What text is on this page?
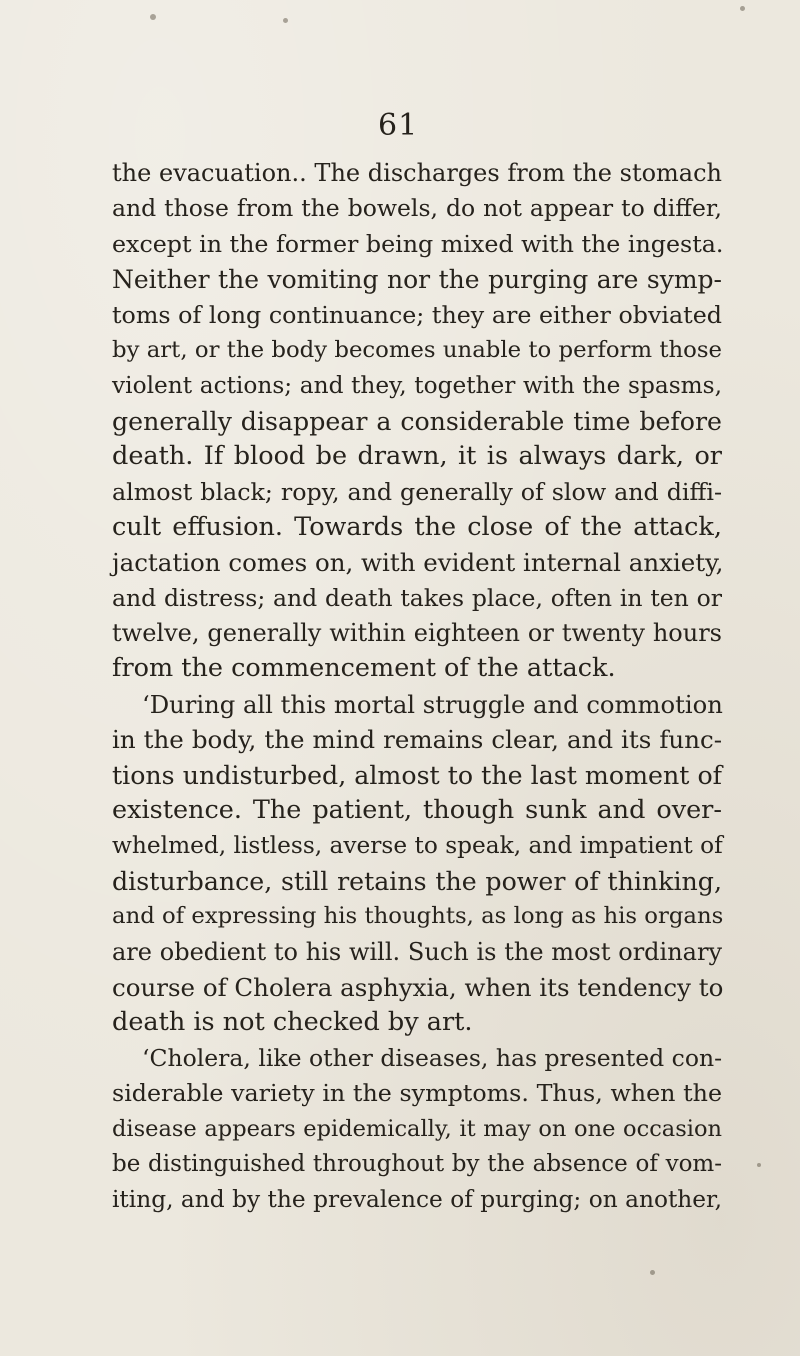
61
the evacuation.. The discharges from the stomach
and those from the bowels, do not appear to differ,
except in the former being mixed with the ingesta.
Neither the vomiting nor the purging are symp-
toms of long continuance; they are either obviated
by art, or the body becomes unable to perform those
violent actions; and they, together with the spasms,
generally disappear a considerable time before
death. If blood be drawn, it is always dark, or
almost black; ropy, and generally of slow and diffi-
cult effusion. Towards the close of the attack,
jactation comes on, with evident internal anxiety,
and distress; and death takes place, often in ten or
twelve, generally within eighteen or twenty hours
from the commencement of the attack.
‘During all this mortal struggle and commotion
in the body, the mind remains clear, and its func-
tions undisturbed, almost to the last moment of
existence. The patient, though sunk and over-
whelmed, listless, averse to speak, and impatient of
disturbance, still retains the power of thinking,
and of expressing his thoughts, as long as his organs
are obedient to his will. Such is the most ordinary
course of Cholera asphyxia, when its tendency to
death is not checked by art.
‘Cholera, like other diseases, has presented con-
siderable variety in the symptoms. Thus, when the
disease appears epidemically, it may on one occasion
be distinguished throughout by the absence of vom-
iting, and by the prevalence of purging; on another,
